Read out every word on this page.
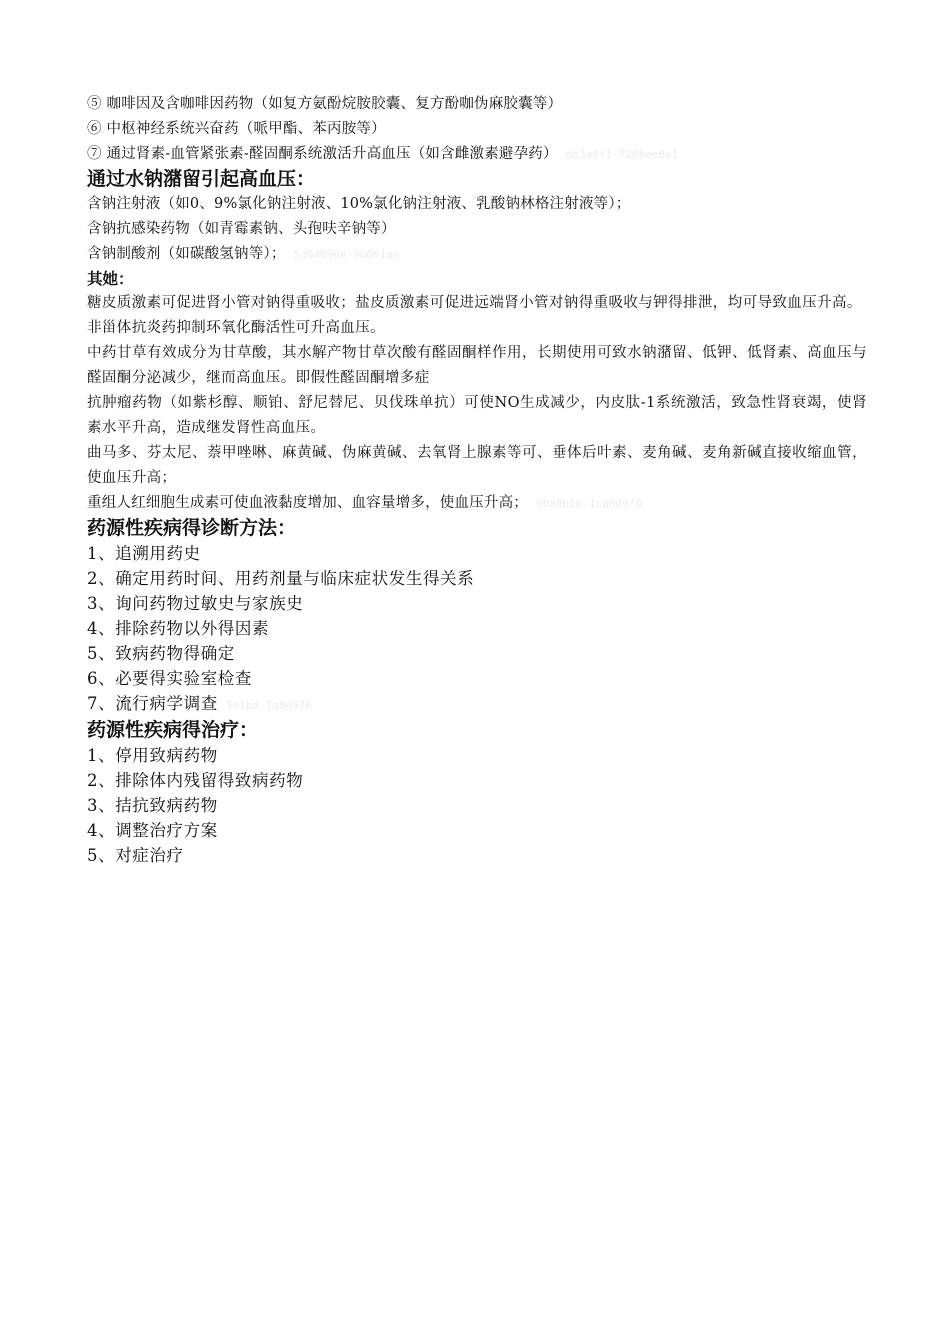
⑤ 咖啡因及含咖啡因药物（如复方氨酚烷胺胶囊、复方酚咖伪麻胶囊等）
⑥ 中枢神经系统兴奋药（哌甲酯、苯丙胺等）
⑦ 通过肾素-血管紧张素-醛固酮系统激活升高血压（如含雌激素避孕药） dd3a8f1-720bee8a1
通过水钠潴留引起高血压：
含钠注射液（如0、9%氯化钠注射液、10%氯化钠注射液、乳酸钠林格注射液等）；
含钠抗感染药物（如青霉素钠、头孢呋辛钠等）
含钠制酸剂（如碳酸氢钠等）； 5d0d096e-9b061aa
其她：
糖皮质激素可促进肾小管对钠得重吸收；盐皮质激素可促进远端肾小管对钠得重吸收与钾得排泄，均可导致血压升高。
非甾体抗炎药抑制环氧化酶活性可升高血压。
中药甘草有效成分为甘草酸，其水解产物甘草次酸有醛固酮样作用，长期使用可致水钠潴留、低钾、低肾素、高血压与醛固酮分泌减少，继而高血压。即假性醛固酮增多症
抗肿瘤药物（如紫杉醇、顺铂、舒尼替尼、贝伐珠单抗）可使NO生成减少，内皮肽-1系统激活，致急性肾衰竭，使肾素水平升高，造成继发肾性高血压。
曲马多、芬太尼、萘甲唑啉、麻黄碱、伪麻黄碱、去氧肾上腺素等可、垂体后叶素、麦角碱、麦角新碱直接收缩血管，使血压升高；
重组人红细胞生成素可使血液黏度增加、血容量增多，使血压升高； 9ba0b1b-1ca6d9f0
药源性疾病得诊断方法：
1、追溯用药史
2、确定用药时间、用药剂量与临床症状发生得关系
3、询问药物过敏史与家族史
4、排除药物以外得因素
5、致病药物得确定
6、必要得实验室检查
7、流行病学调查 1e1bd-1a8d976
药源性疾病得治疗：
1、停用致病药物
2、排除体内残留得致病药物
3、拮抗致病药物
4、调整治疗方案
5、对症治疗
